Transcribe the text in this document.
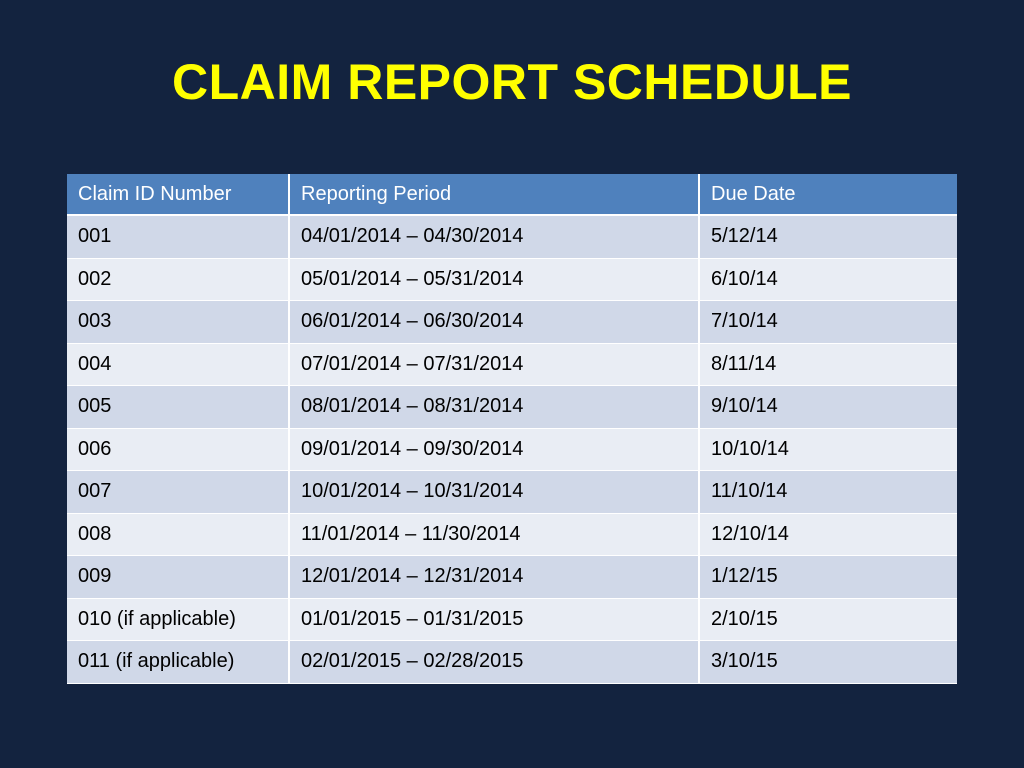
CLAIM REPORT SCHEDULE
Claim ID Number	Reporting Period	Due Date
001	04/01/2014 – 04/30/2014	5/12/14
002	05/01/2014 – 05/31/2014	6/10/14
003	06/01/2014 – 06/30/2014	7/10/14
004	07/01/2014 – 07/31/2014	8/11/14
005	08/01/2014 – 08/31/2014	9/10/14
006	09/01/2014 – 09/30/2014	10/10/14
007	10/01/2014 – 10/31/2014	11/10/14
008	11/01/2014 – 11/30/2014	12/10/14
009	12/01/2014 – 12/31/2014	1/12/15
010 (if applicable)	01/01/2015 – 01/31/2015	2/10/15
011 (if applicable)	02/01/2015 – 02/28/2015	3/10/15
